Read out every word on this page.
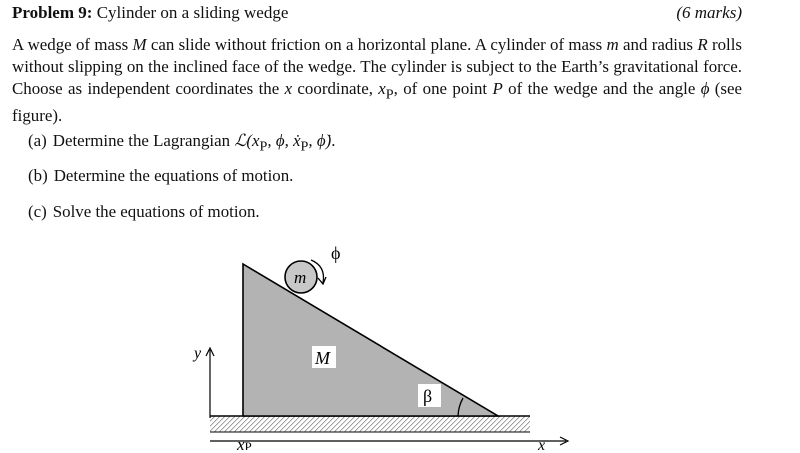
Problem 9: Cylinder on a sliding wedge	(6 marks)

A wedge of mass M can slide without friction on a horizontal plane. A cylinder of mass m and radius R rolls without slipping on the inclined face of the wedge. The cylinder is subject to the Earth’s gravitational force. Choose as independent coordinates the x coordinate, $x_P$, of one point P of the wedge and the angle ϕ (see figure).

(a) Determine the Lagrangian $ℒ(x_P$, ϕ, ẋ$_P$, ϕ̇).
(b) Determine the equations of motion.
(c) Solve the equations of motion.
y
x
m
ϕ
M
β
xP
